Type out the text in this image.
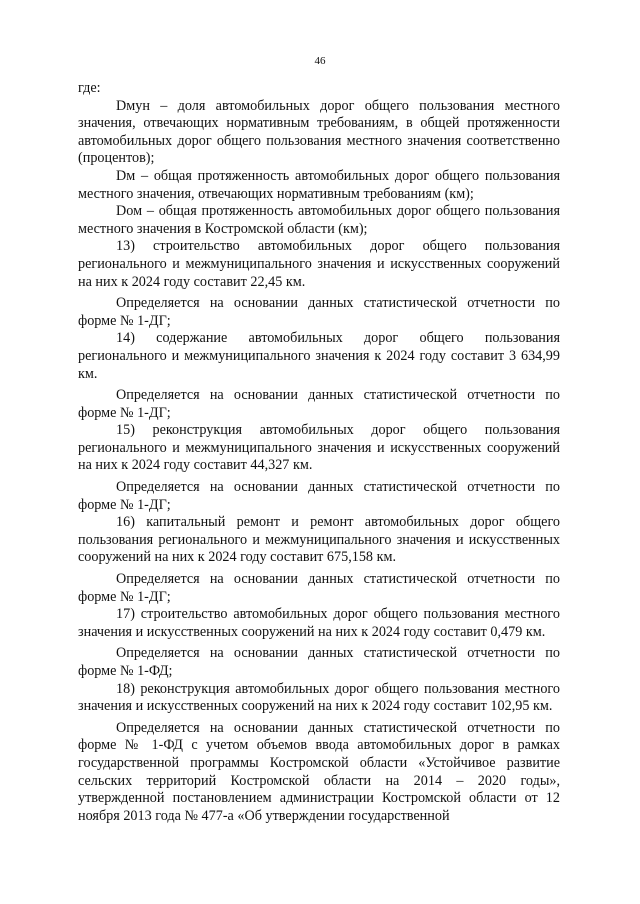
46

где:

Dмун – доля автомобильных дорог общего пользования местного значения, отвечающих нормативным требованиям, в общей протяженности автомобильных дорог общего пользования местного значения соответственно (процентов);

Dм – общая протяженность автомобильных дорог общего пользования местного значения, отвечающих нормативным требованиям (км);

Dом – общая протяженность автомобильных дорог общего пользования местного значения в Костромской области (км);

13) строительство автомобильных дорог общего пользования регионального и межмуниципального значения и искусственных сооружений на них к 2024 году составит 22,45 км.

Определяется на основании данных статистической отчетности по форме № 1-ДГ;

14) содержание автомобильных дорог общего пользования регионального и межмуниципального значения к 2024 году составит 3 634,99 км.

Определяется на основании данных статистической отчетности по форме № 1-ДГ;

15) реконструкция автомобильных дорог общего пользования регионального и межмуниципального значения и искусственных сооружений на них к 2024 году составит 44,327 км.

Определяется на основании данных статистической отчетности по форме № 1-ДГ;

16) капитальный ремонт и ремонт автомобильных дорог общего пользования регионального и межмуниципального значения и искусственных сооружений на них к 2024 году составит 675,158 км.

Определяется на основании данных статистической отчетности по форме № 1-ДГ;

17) строительство автомобильных дорог общего пользования местного значения и искусственных сооружений на них к 2024 году составит 0,479 км.

Определяется на основании данных статистической отчетности по форме № 1-ФД;

18) реконструкция автомобильных дорог общего пользования местного значения и искусственных сооружений на них к 2024 году составит 102,95 км.

Определяется на основании данных статистической отчетности по форме № 1-ФД с учетом объемов ввода автомобильных дорог в рамках государственной программы Костромской области «Устойчивое развитие сельских территорий Костромской области на 2014 – 2020 годы», утвержденной постановлением администрации Костромской области от 12 ноября 2013 года № 477-а «Об утверждении государственной
